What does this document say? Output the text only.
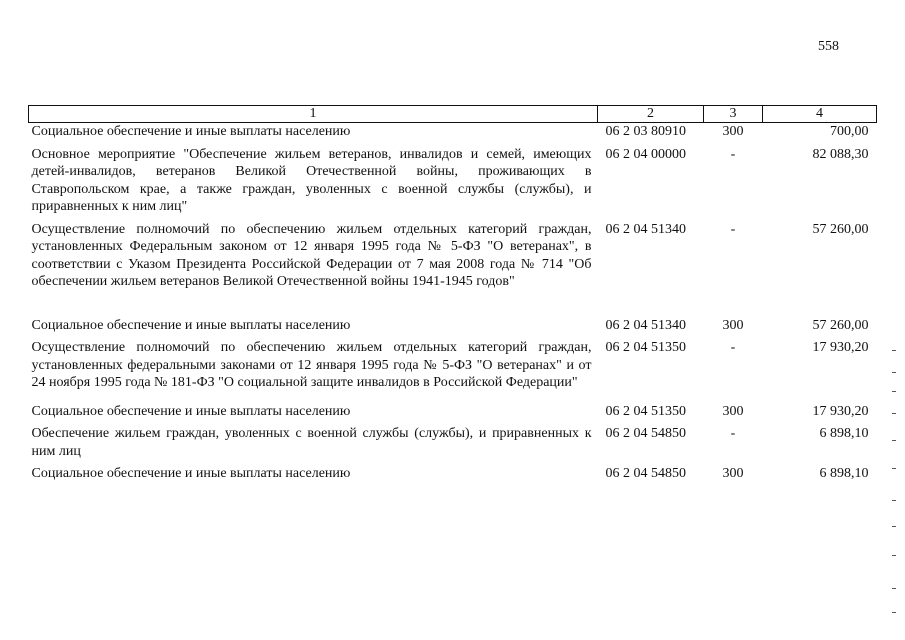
558
1	2	3	4
Социальное обеспечение и иные выплаты населению	06 2 03 80910	300	700,00
Основное мероприятие "Обеспечение жильем ветеранов, инвалидов и семей, имеющих детей-инвалидов, ветеранов Великой Отечественной войны, проживающих в Ставропольском крае, а также граждан, уволенных с военной службы (службы), и приравненных к ним лиц"	06 2 04 00000	-	82 088,30
Осуществление полномочий по обеспечению жильем отдельных категорий граждан, установленных Федеральным законом от 12 января 1995 года № 5-ФЗ "О ветеранах", в соответствии с Указом Президента Российской Федерации от 7 мая 2008 года № 714 "Об обеспечении жильем ветеранов Великой Отечественной войны 1941-1945 годов"	06 2 04 51340	-	57 260,00
Социальное обеспечение и иные выплаты населению	06 2 04 51340	300	57 260,00
Осуществление полномочий по обеспечению жильем отдельных категорий граждан, установленных федеральными законами от 12 января 1995 года № 5-ФЗ "О ветеранах" и от 24 ноября 1995 года № 181-ФЗ "О социальной защите инвалидов в Российской Федерации"	06 2 04 51350	-	17 930,20
Социальное обеспечение и иные выплаты населению	06 2 04 51350	300	17 930,20
Обеспечение жильем граждан, уволенных с военной службы (службы), и приравненных к ним лиц	06 2 04 54850	-	6 898,10
Социальное обеспечение и иные выплаты населению	06 2 04 54850	300	6 898,10
